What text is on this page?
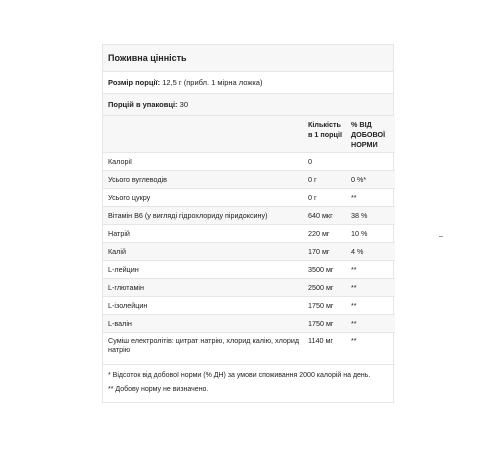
Поживна цінність
Розмір порції: 12,5 г (прибл. 1 мірна ложка)
Порцій в упаковці: 30
	Кількість в 1 порції	% ВІД ДОБОВОЇ НОРМИ
Калорії	0	
Усього вуглеводів	0 г	0 %*
Усього цукру	0 г	**
Вітамін B6 (у вигляді гідрохлориду піридоксину)	640 мкг	38 %
Натрій	220 мг	10 %
Калій	170 мг	4 %
L-лейцин	3500 мг	**
L-глютамін	2500 мг	**
L-ізолейцин	1750 мг	**
L-валін	1750 мг	**
Суміш електролітів: цитрат натрію, хлорид калію, хлорид натрію	1140 мг	**
* Відсоток від добової норми (% ДН) за умови споживання 2000 калорій на день.
** Добову норму не визначено.
